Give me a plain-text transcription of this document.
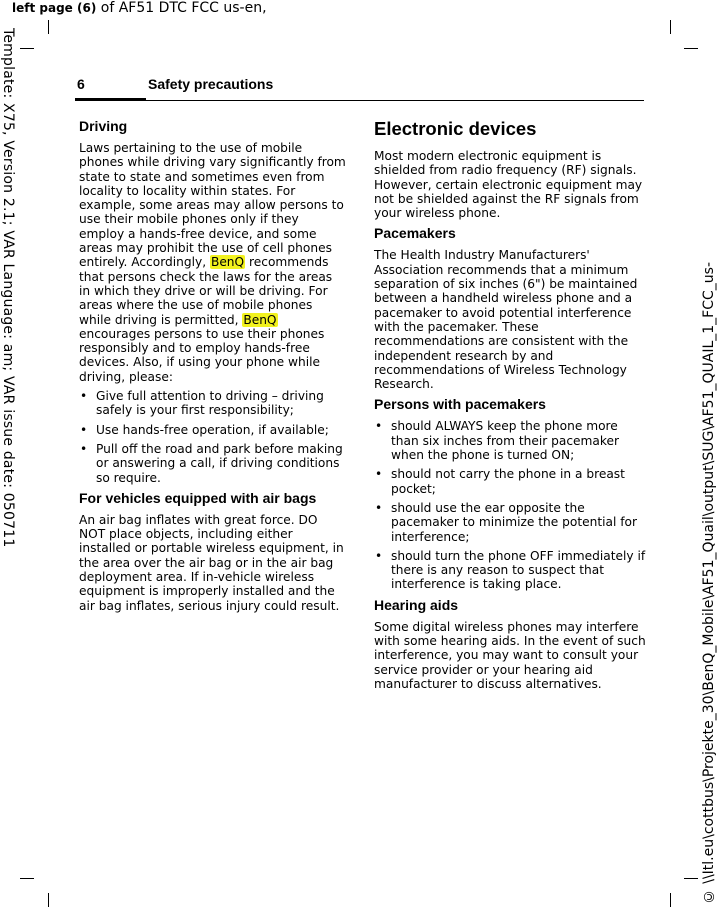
left page (6) of AF51 DTC FCC us-en,
Template: X75, Version 2.1; VAR Language: am; VAR issue date: 050711	© \\Itl.eu\cottbus\Projekte_30\BenQ_Mobile\AF51_Quail\output\SUG\AF51_QUAIL_1_FCC_us-
6	Safety precautions
Driving

Laws pertaining to the use of mobile phones while driving vary significantly from state to state and sometimes even from locality to locality within states. For example, some areas may allow persons to use their mobile phones only if they employ a hands-free device, and some areas may prohibit the use of cell phones entirely. Accordingly, BenQ recommends that persons check the laws for the areas in which they drive or will be driving. For areas where the use of mobile phones while driving is permitted, BenQ encourages persons to use their phones responsibly and to employ hands-free devices. Also, if using your phone while driving, please:

• Give full attention to driving – driving safely is your first responsibility;
• Use hands-free operation, if available;
• Pull off the road and park before making or answering a call, if driving conditions so require.
For vehicles equipped with air bags

An air bag inflates with great force. DO NOT place objects, including either installed or portable wireless equipment, in the area over the air bag or in the air bag deployment area. If in-vehicle wireless equipment is improperly installed and the air bag inflates, serious injury could result.

Electronic devices

Most modern electronic equipment is shielded from radio frequency (RF) signals. However, certain electronic equipment may not be shielded against the RF signals from your wireless phone.

Pacemakers

The Health Industry Manufacturers' Association recommends that a minimum separation of six inches (6") be maintained between a handheld wireless phone and a pacemaker to avoid potential interference with the pacemaker. These recommendations are consistent with the independent research by and recommendations of Wireless Technology Research.

Persons with pacemakers
• should ALWAYS keep the phone more than six inches from their pacemaker when the phone is turned ON;
• should not carry the phone in a breast pocket;
• should use the ear opposite the pacemaker to minimize the potential for interference;
• should turn the phone OFF immediately if there is any reason to suspect that interference is taking place.
Hearing aids

Some digital wireless phones may interfere with some hearing aids. In the event of such interference, you may want to consult your service provider or your hearing aid manufacturer to discuss alternatives.
